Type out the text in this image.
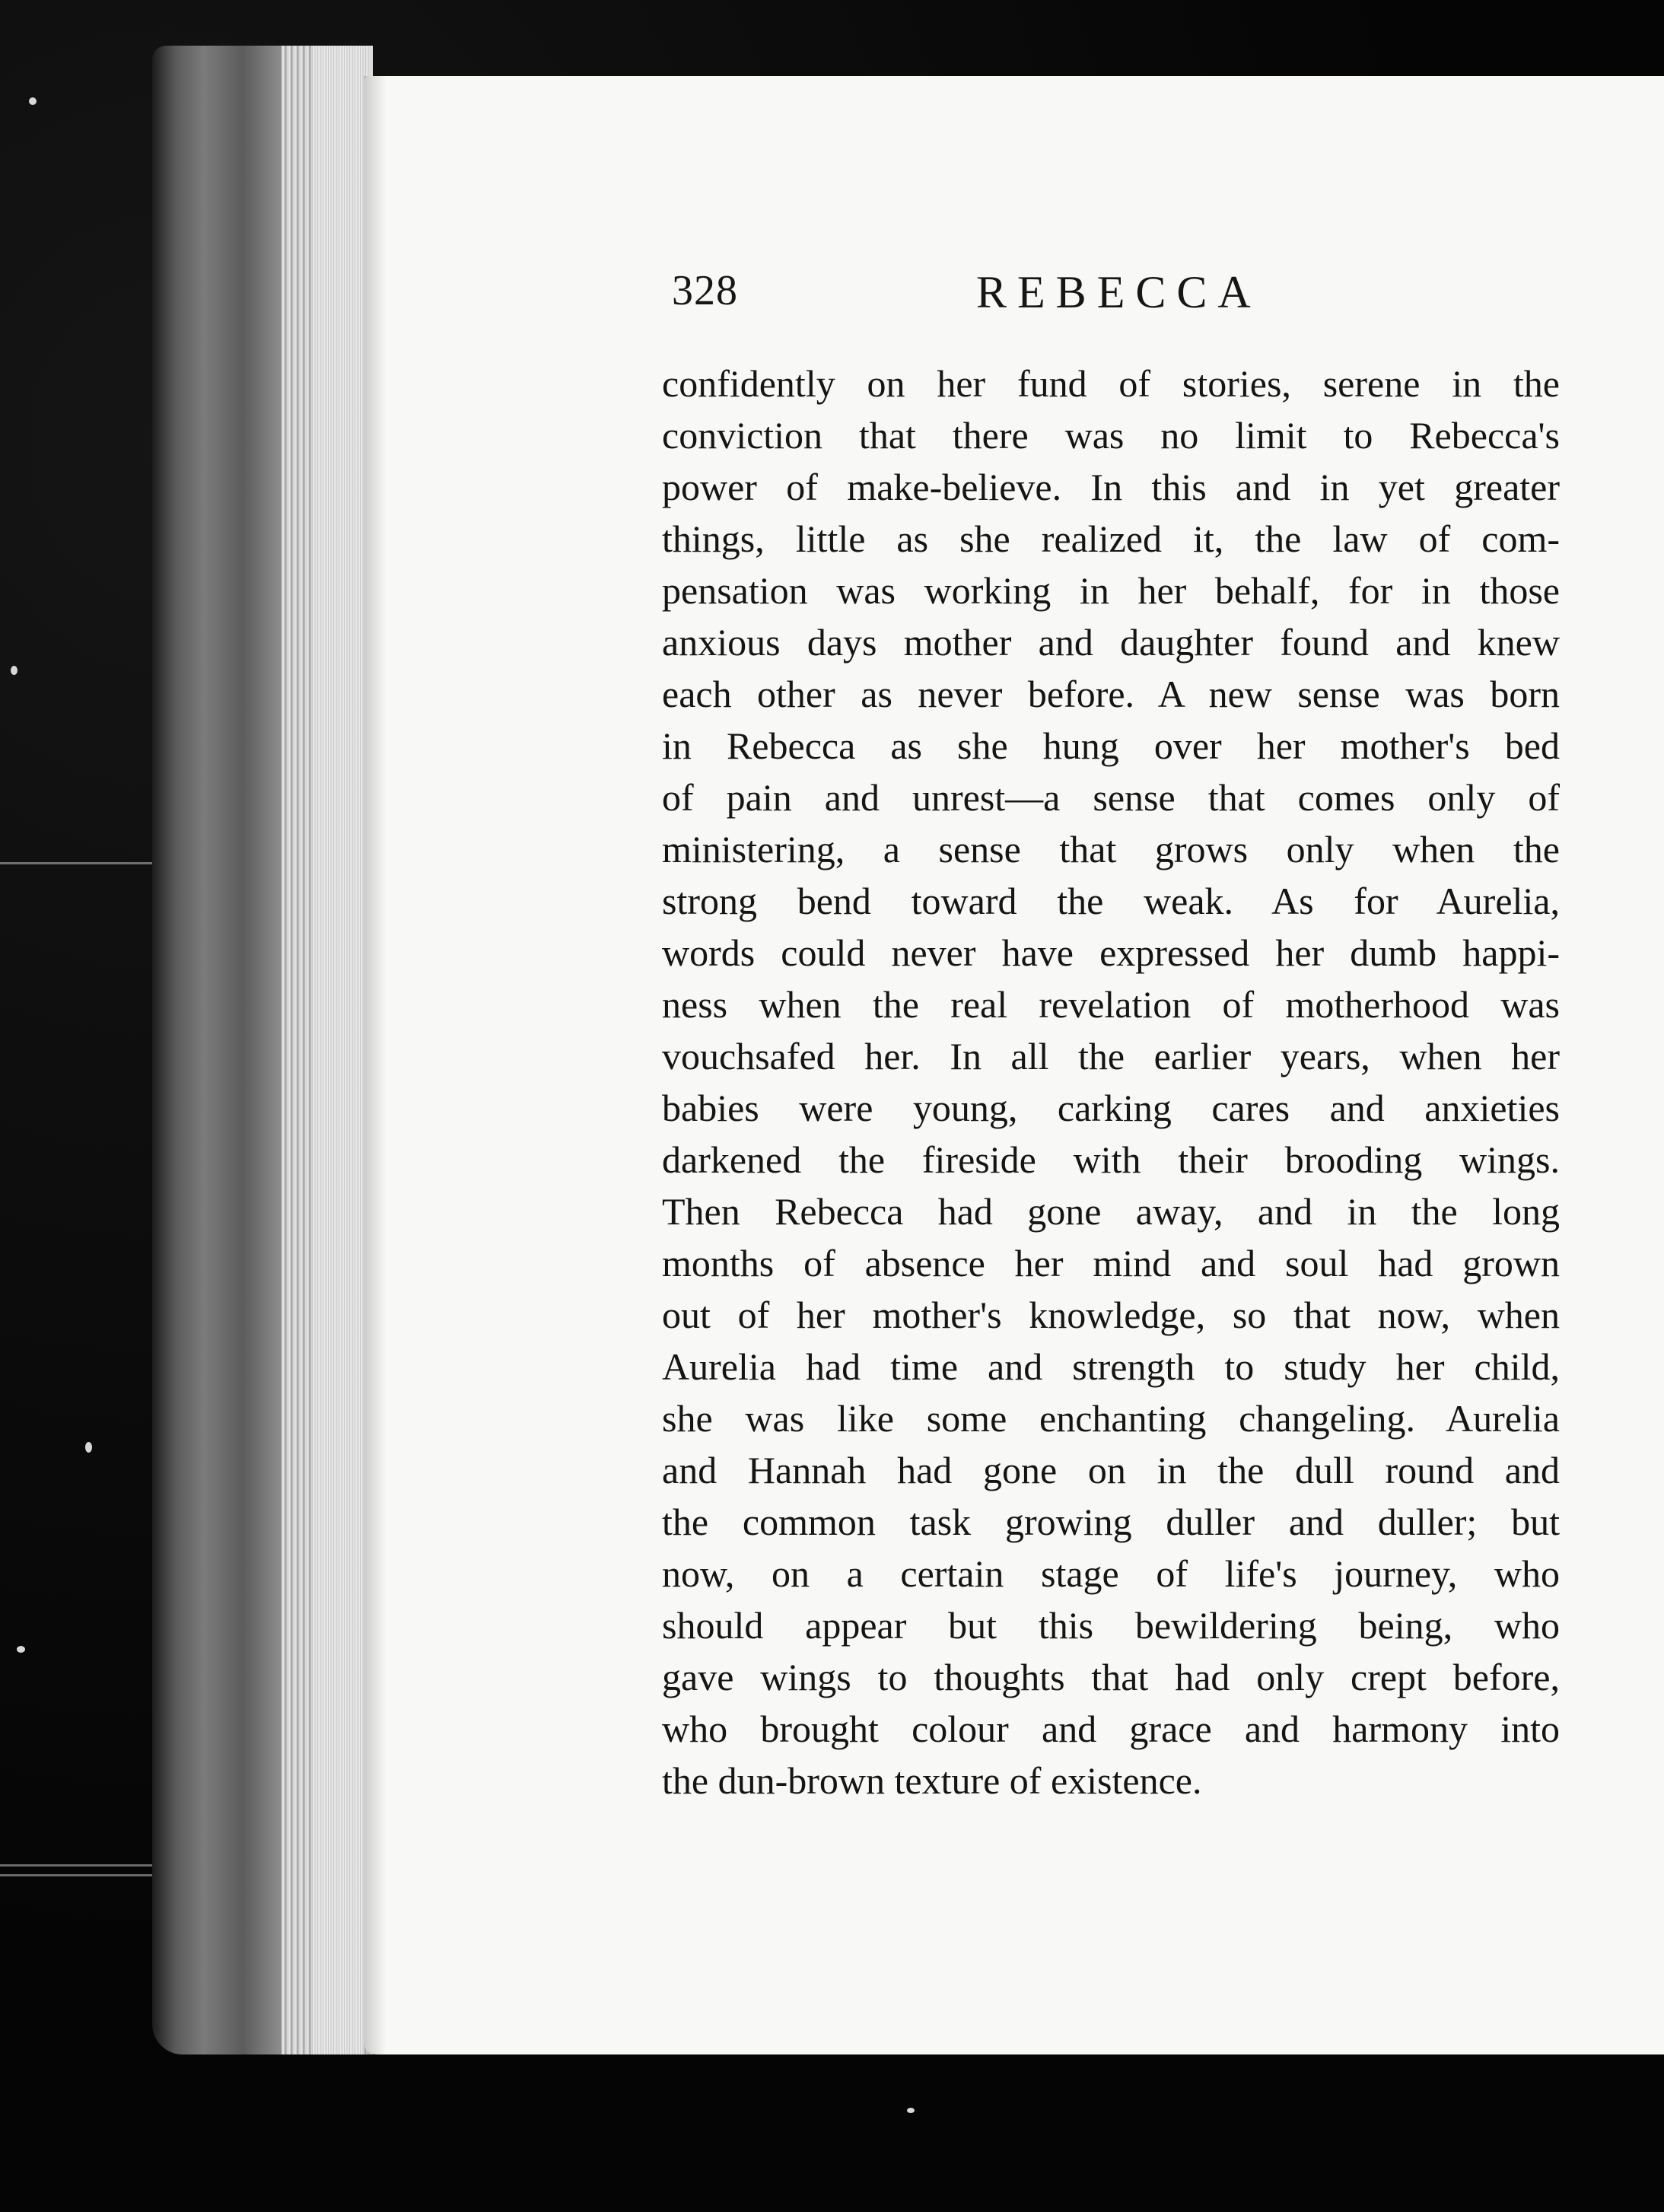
328	REBECCA
confidently on her fund of stories, serene in the
conviction that there was no limit to Rebecca's
power of make-believe. In this and in yet greater
things, little as she realized it, the law of com-
pensation was working in her behalf, for in those
anxious days mother and daughter found and knew
each other as never before. A new sense was born
in Rebecca as she hung over her mother's bed
of pain and unrest—a sense that comes only of
ministering, a sense that grows only when the
strong bend toward the weak. As for Aurelia,
words could never have expressed her dumb happi-
ness when the real revelation of motherhood was
vouchsafed her. In all the earlier years, when her
babies were young, carking cares and anxieties
darkened the fireside with their brooding wings.
Then Rebecca had gone away, and in the long
months of absence her mind and soul had grown
out of her mother's knowledge, so that now, when
Aurelia had time and strength to study her child,
she was like some enchanting changeling. Aurelia
and Hannah had gone on in the dull round and
the common task growing duller and duller; but
now, on a certain stage of life's journey, who
should appear but this bewildering being, who
gave wings to thoughts that had only crept before,
who brought colour and grace and harmony into
the dun-brown texture of existence.
